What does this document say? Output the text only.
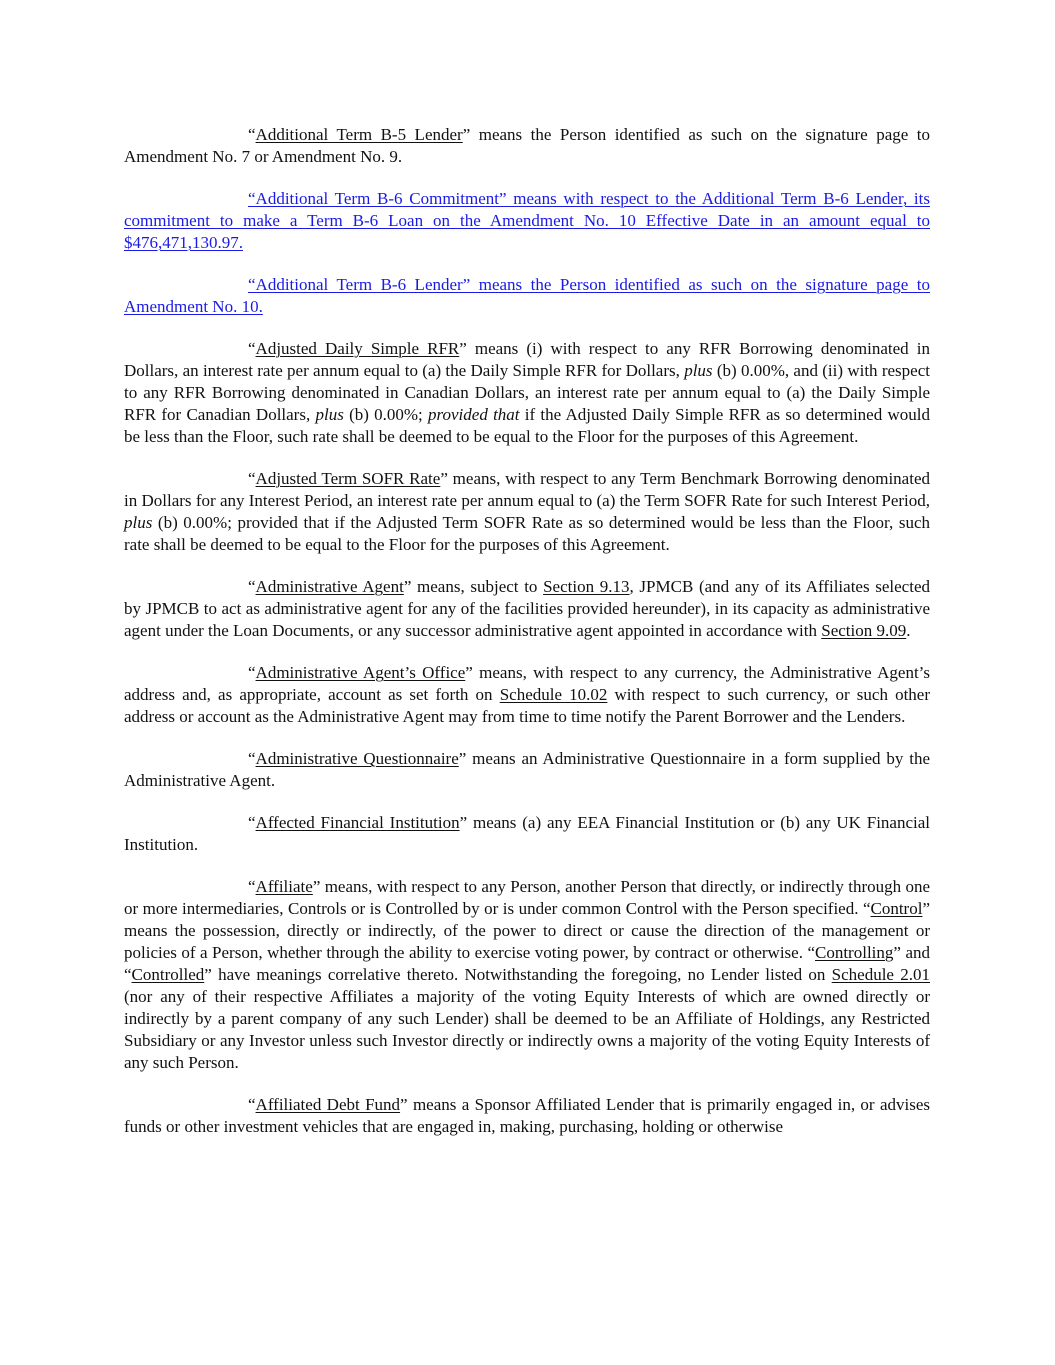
“Additional Term B-5 Lender” means the Person identified as such on the signature page to Amendment No. 7 or Amendment No. 9.

“Additional Term B-6 Commitment” means with respect to the Additional Term B-6 Lender, its commitment to make a Term B-6 Loan on the Amendment No. 10 Effective Date in an amount equal to $476,471,130.97.

“Additional Term B-6 Lender” means the Person identified as such on the signature page to Amendment No. 10.

“Adjusted Daily Simple RFR” means (i) with respect to any RFR Borrowing denominated in Dollars, an interest rate per annum equal to (a) the Daily Simple RFR for Dollars, plus (b) 0.00%, and (ii) with respect to any RFR Borrowing denominated in Canadian Dollars, an interest rate per annum equal to (a) the Daily Simple RFR for Canadian Dollars, plus (b) 0.00%; provided that if the Adjusted Daily Simple RFR as so determined would be less than the Floor, such rate shall be deemed to be equal to the Floor for the purposes of this Agreement.

“Adjusted Term SOFR Rate” means, with respect to any Term Benchmark Borrowing denominated in Dollars for any Interest Period, an interest rate per annum equal to (a) the Term SOFR Rate for such Interest Period, plus (b) 0.00%; provided that if the Adjusted Term SOFR Rate as so determined would be less than the Floor, such rate shall be deemed to be equal to the Floor for the purposes of this Agreement.

“Administrative Agent” means, subject to Section 9.13, JPMCB (and any of its Affiliates selected by JPMCB to act as administrative agent for any of the facilities provided hereunder), in its capacity as administrative agent under the Loan Documents, or any successor administrative agent appointed in accordance with Section 9.09.

“Administrative Agent’s Office” means, with respect to any currency, the Administrative Agent’s address and, as appropriate, account as set forth on Schedule 10.02 with respect to such currency, or such other address or account as the Administrative Agent may from time to time notify the Parent Borrower and the Lenders.

“Administrative Questionnaire” means an Administrative Questionnaire in a form supplied by the Administrative Agent.

“Affected Financial Institution” means (a) any EEA Financial Institution or (b) any UK Financial Institution.

“Affiliate” means, with respect to any Person, another Person that directly, or indirectly through one or more intermediaries, Controls or is Controlled by or is under common Control with the Person specified. “Control” means the possession, directly or indirectly, of the power to direct or cause the direction of the management or policies of a Person, whether through the ability to exercise voting power, by contract or otherwise. “Controlling” and “Controlled” have meanings correlative thereto. Notwithstanding the foregoing, no Lender listed on Schedule 2.01 (nor any of their respective Affiliates a majority of the voting Equity Interests of which are owned directly or indirectly by a parent company of any such Lender) shall be deemed to be an Affiliate of Holdings, any Restricted Subsidiary or any Investor unless such Investor directly or indirectly owns a majority of the voting Equity Interests of any such Person.

“Affiliated Debt Fund” means a Sponsor Affiliated Lender that is primarily engaged in, or advises funds or other investment vehicles that are engaged in, making, purchasing, holding or otherwise
